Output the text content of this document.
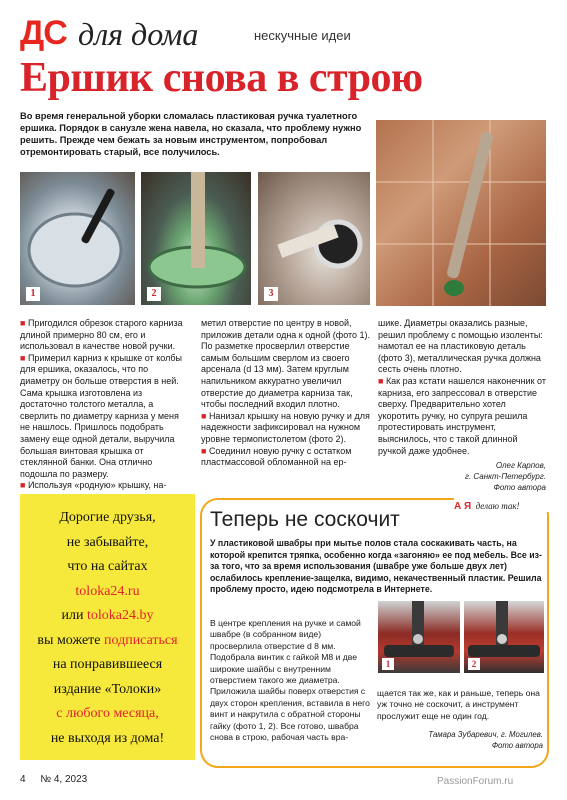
ДС для дома	нескучные идеи
Ершик снова в строю

Во время генеральной уборки сломалась пластиковая ручка туалетного ершика. Порядок в санузле жена навела, но сказала, что проблему нужно решить. Прежде чем бежать за новым инструментом, попробовал отремонтировать старый, все получилось.

1	2	3

■ Пригодился обрезок старого карниза длиной примерно 80 см, его и использовал в качестве новой ручки.

■ Примерил карниз к крышке от колбы для ершика, оказалось, что по диаметру он больше отверстия в ней. Сама крышка изготовлена из достаточно толстого металла, а сверлить по диаметру карниза у меня не нашлось. Пришлось подобрать замену еще одной детали, выручила большая винтовая крышка от стеклянной банки. Она отлично подошла по размеру.

■ Используя «родную» крышку, на-

метил отверстие по центру в новой, приложив детали одна к одной (фото 1). По разметке просверлил отверстие самым большим сверлом из своего арсенала (d 13 мм). Затем круглым напильником аккуратно увеличил отверстие до диаметра карниза так, чтобы последний входил плотно.

■ Нанизал крышку на новую ручку и для надежности зафиксировал на нужном уровне термопистолетом (фото 2).

■ Соединил новую ручку с остатком пластмассовой обломанной на ер-

шике. Диаметры оказались разные, решил проблему с помощью изоленты: намотал ее на пластиковую деталь (фото 3), металлическая ручка должна сесть очень плотно.

■ Как раз кстати нашелся наконечник от карниза, его запрессовал в отверстие сверху. Предварительно хотел укоротить ручку, но супруга решила протестировать инструмент, выяснилось, что с такой длинной ручкой даже удобнее.

Олег Карпов,
г. Санкт-Петербург.
Фото автора
Дорогие друзья,
не забывайте,
что на сайтах
toloka24.ru
или toloka24.by
вы можете подписаться
на понравившееся
издание «Толоки»
с любого месяца,
не выходя из дома!
А Я делаю так!
Теперь не соскочит

У пластиковой швабры при мытье полов стала соскакивать часть, на которой крепится тряпка, особенно когда «загоняю» ее под мебель. Все из-за того, что за время использования (швабре уже больше двух лет) ослабилось крепление-защелка, видимо, некачественный пластик. Решила проблему просто, идею подсмотрела в Интернете.

В центре крепления на ручке и самой швабре (в собранном виде) просверлила отверстие d 8 мм. Подобрала винтик с гайкой М8 и две широкие шайбы с внутренним отверстием такого же диаметра. Приложила шайбы поверх отверстия с двух сторон крепления, вставила в него винт и накрутила с обратной стороны гайку (фото 1, 2). Все готово, швабра снова в строю, рабочая часть вра-

1	2

щается так же, как и раньше, теперь она уж точно не соскочит, а инструмент прослужит еще не один год.

Тамара Зубаревич, г. Могилев.
Фото автора
4 № 4, 2023	PassionForum.ru
